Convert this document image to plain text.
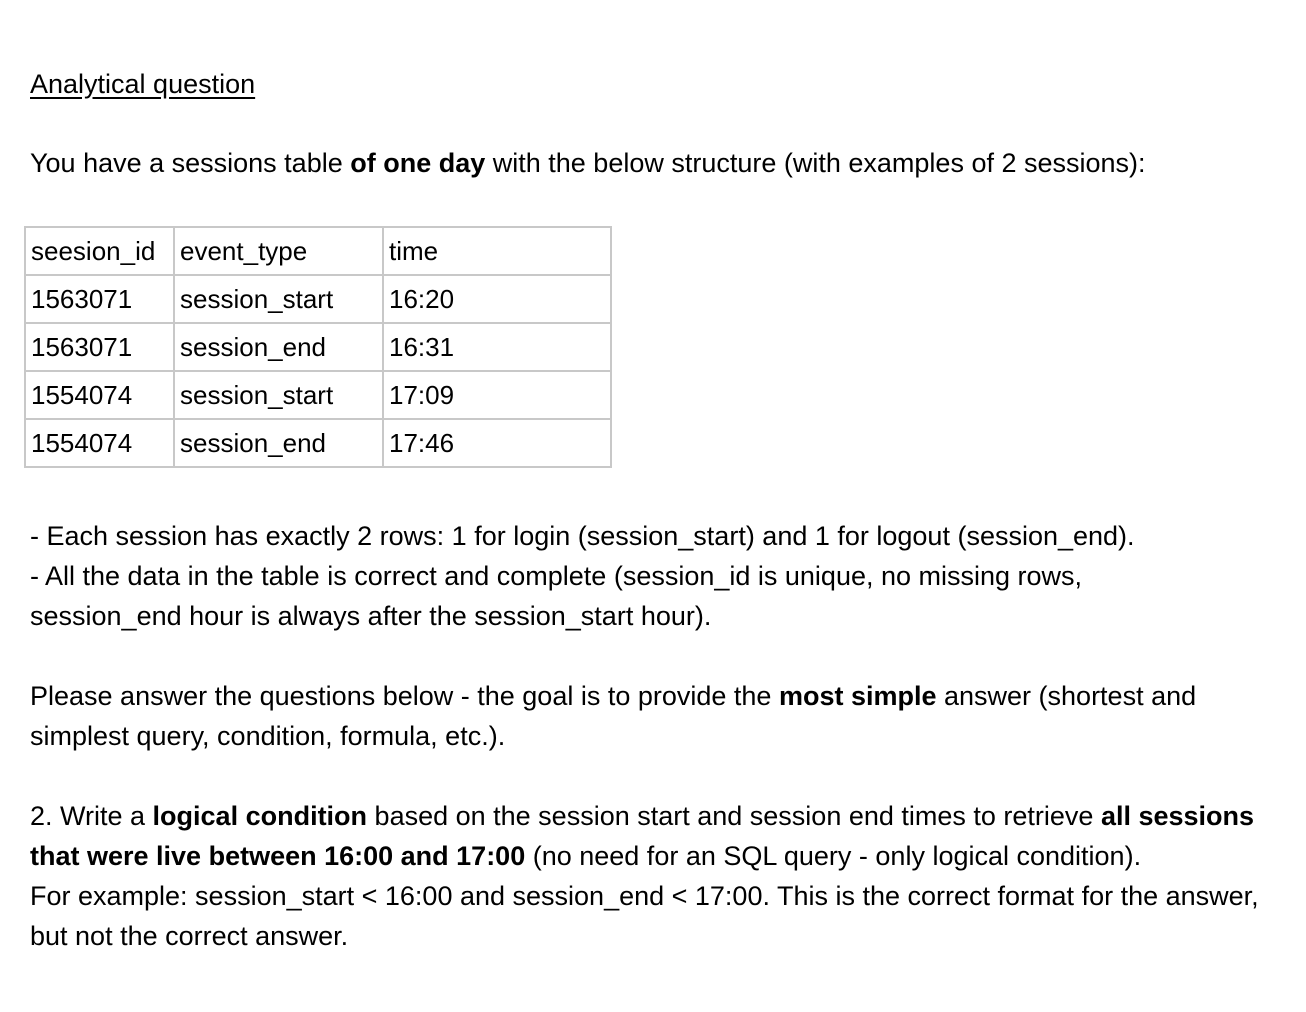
Analytical question
You have a sessions table of one day with the below structure (with examples of 2 sessions):
seesion_id	event_type	time
1563071	session_start	16:20
1563071	session_end	16:31
1554074	session_start	17:09
1554074	session_end	17:46
- Each session has exactly 2 rows: 1 for login (session_start) and 1 for logout (session_end).
- All the data in the table is correct and complete (session_id is unique, no missing rows,
session_end hour is always after the session_start hour).
Please answer the questions below - the goal is to provide the most simple answer (shortest and simplest query, condition, formula, etc.).
2. Write a logical condition based on the session start and session end times to retrieve all sessions that were live between 16:00 and 17:00 (no need for an SQL query - only logical condition).
For example: session_start < 16:00 and session_end < 17:00. This is the correct format for the answer, but not the correct answer.
